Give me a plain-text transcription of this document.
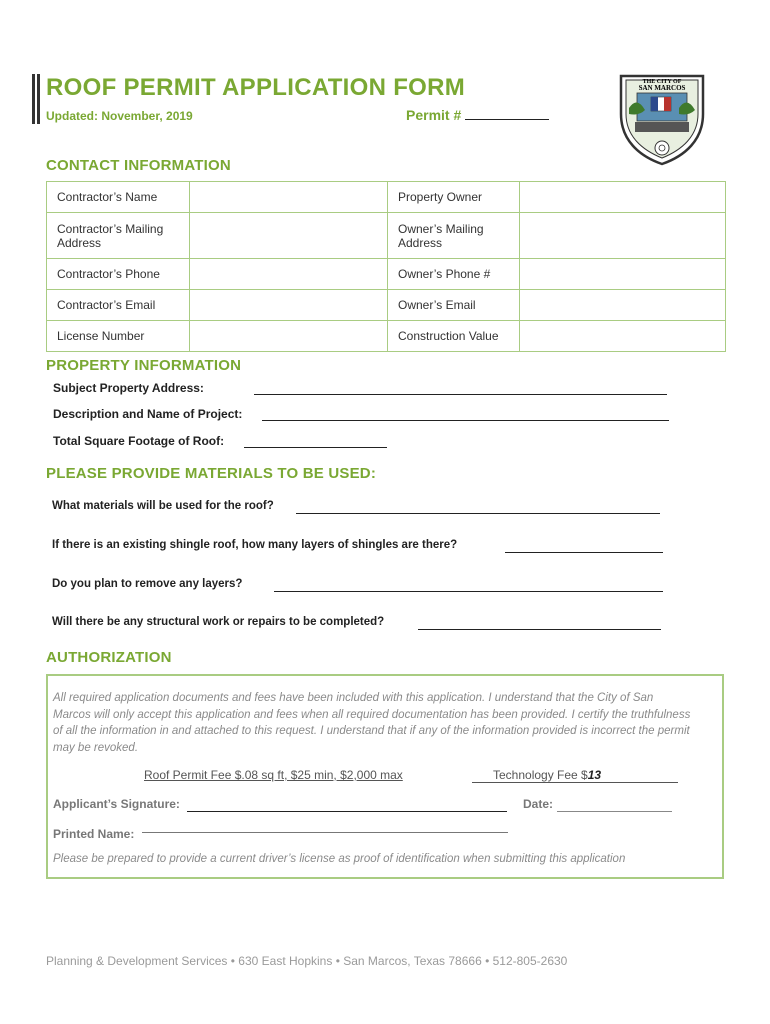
ROOF PERMIT APPLICATION FORM
Updated: November, 2019	Permit #
THE CITY OF
SAN MARCOS
CONTACT INFORMATION
Contractor’s Name		Property Owner	
Contractor’s Mailing Address		Owner’s Mailing Address	
Contractor’s Phone		Owner’s Phone #	
Contractor’s Email		Owner’s Email	
License Number		Construction Value	
PROPERTY INFORMATION
Subject Property Address:
Description and Name of Project:
Total Square Footage of Roof:
PLEASE PROVIDE MATERIALS TO BE USED:
What materials will be used for the roof?
If there is an existing shingle roof, how many layers of shingles are there?
Do you plan to remove any layers?
Will there be any structural work or repairs to be completed?
AUTHORIZATION
All required application documents and fees have been included with this application. I understand that the City of San Marcos will only accept this application and fees when all required documentation has been provided. I certify the truthfulness of all the information in and attached to this request. I understand that if any of the information provided is incorrect the permit may be revoked.
Roof Permit Fee $.08 sq ft, $25 min, $2,000 max	Technology Fee $13
Applicant’s Signature:	Date:
Printed Name:
Please be prepared to provide a current driver’s license as proof of identification when submitting this application
Planning & Development Services • 630 East Hopkins • San Marcos, Texas 78666 • 512-805-2630
